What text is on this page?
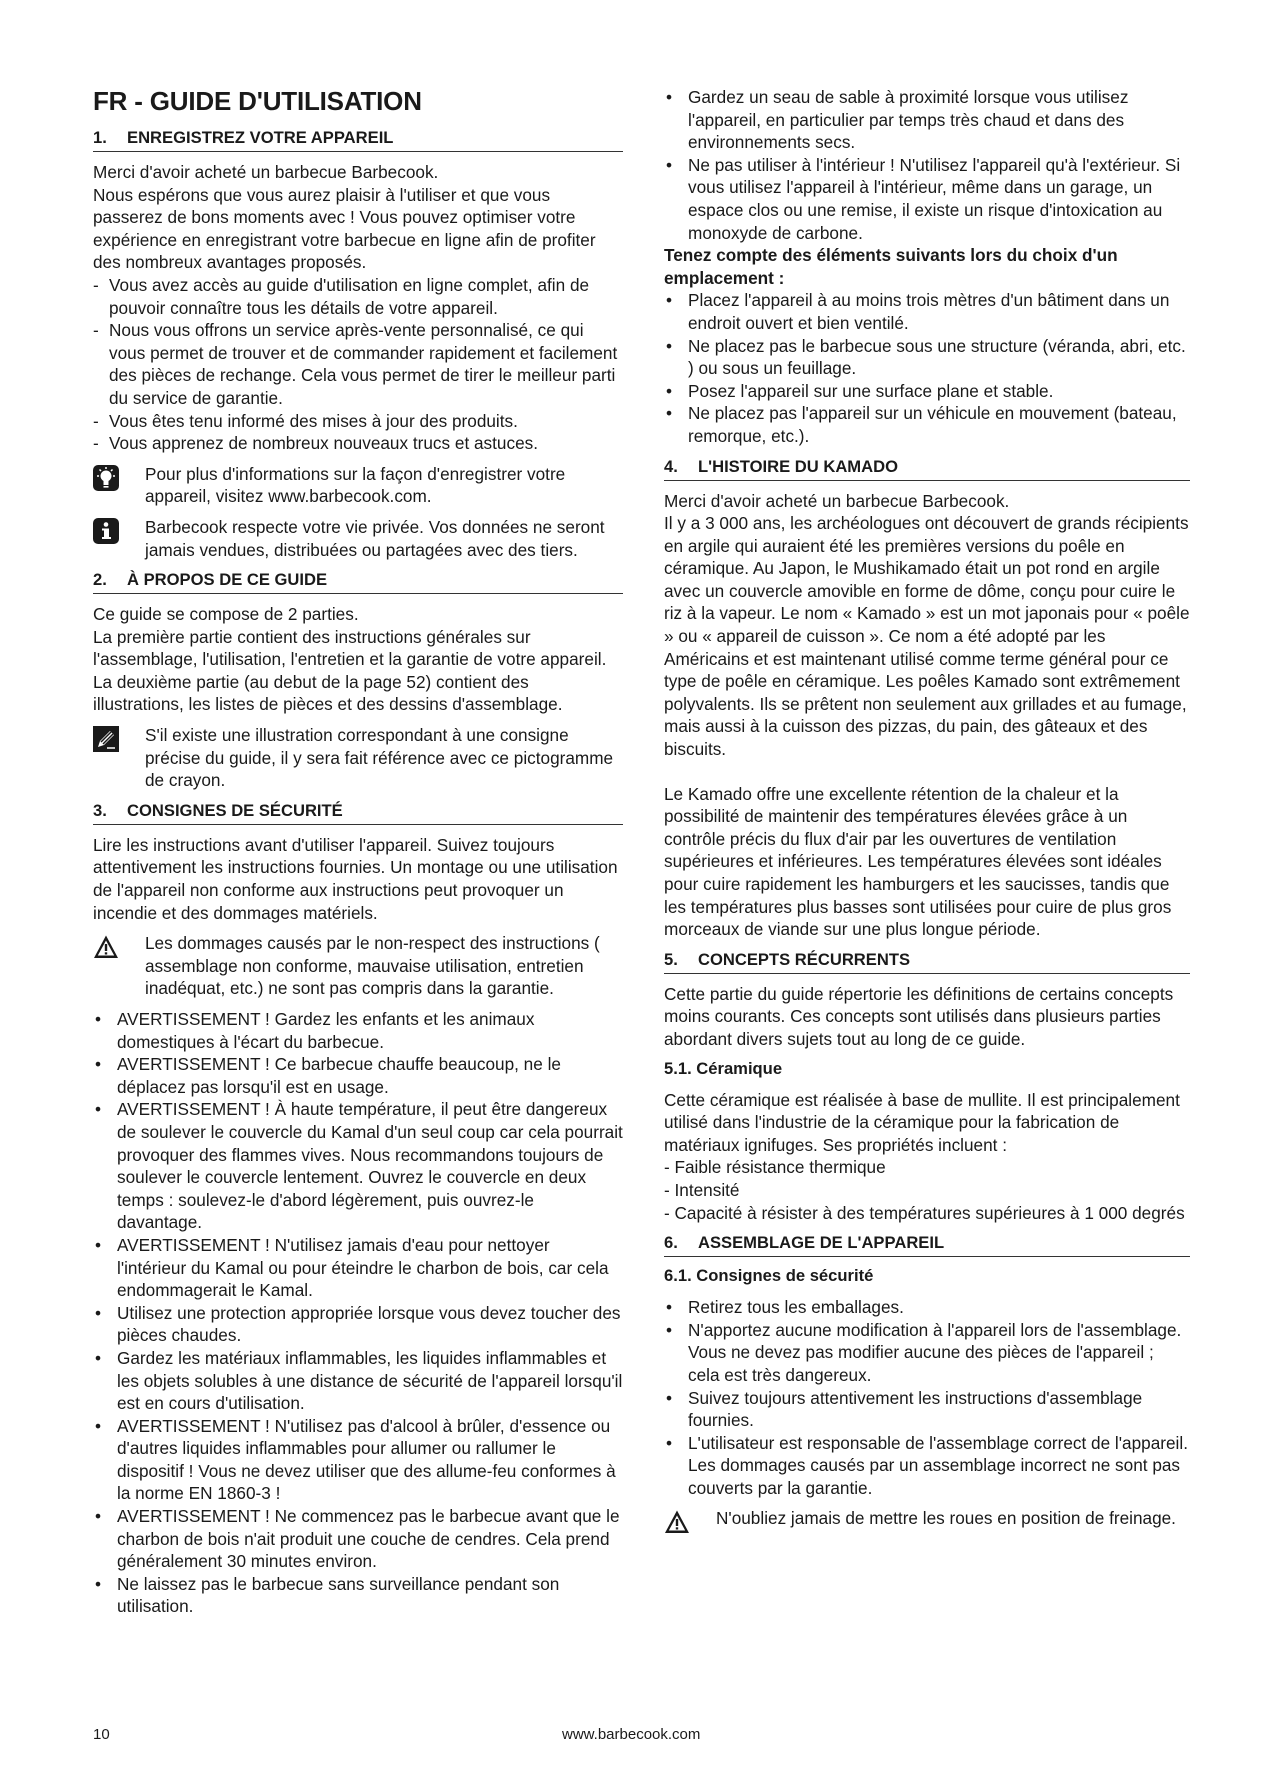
FR - GUIDE D'UTILISATION
1.	ENREGISTREZ VOTRE APPAREIL

Merci d'avoir acheté un barbecue Barbecook.

Nous espérons que vous aurez plaisir à l'utiliser et que vous passerez de bons moments avec ! Vous pouvez optimiser votre expérience en enregistrant votre barbecue en ligne afin de profiter des nombreux avantages proposés.

- Vous avez accès au guide d'utilisation en ligne complet, afin de pouvoir connaître tous les détails de votre appareil.
- Nous vous offrons un service après-vente personnalisé, ce qui vous permet de trouver et de commander rapidement et facilement des pièces de rechange. Cela vous permet de tirer le meilleur parti du service de garantie.
- Vous êtes tenu informé des mises à jour des produits.
- Vous apprenez de nombreux nouveaux trucs et astuces.
Pour plus d'informations sur la façon d'enregistrer votre appareil, visitez www.barbecook.com.
Barbecook respecte votre vie privée. Vos données ne seront jamais vendues, distribuées ou partagées avec des tiers.
2.	À PROPOS DE CE GUIDE

Ce guide se compose de 2 parties.

La première partie contient des instructions générales sur l'assemblage, l'utilisation, l'entretien et la garantie de votre appareil.

La deuxième partie (au debut de la page 52) contient des illustrations, les listes de pièces et des dessins d'assemblage.

S'il existe une illustration correspondant à une consigne précise du guide, il y sera fait référence avec ce pictogramme de crayon.
3.	CONSIGNES DE SÉCURITÉ

Lire les instructions avant d'utiliser l'appareil. Suivez toujours attentivement les instructions fournies. Un montage ou une utilisation de l'appareil non conforme aux instructions peut provoquer un incendie et des dommages matériels.

Les dommages causés par le non-respect des instructions ( assemblage non conforme, mauvaise utilisation, entretien inadéquat, etc.) ne sont pas compris dans la garantie.
• AVERTISSEMENT ! Gardez les enfants et les animaux domestiques à l'écart du barbecue.
• AVERTISSEMENT ! Ce barbecue chauffe beaucoup, ne le déplacez pas lorsqu'il est en usage.
• AVERTISSEMENT ! À haute température, il peut être dangereux de soulever le couvercle du Kamal d'un seul coup car cela pourrait provoquer des flammes vives. Nous recommandons toujours de soulever le couvercle lentement. Ouvrez le couvercle en deux temps : soulevez-le d'abord légèrement, puis ouvrez-le davantage.
• AVERTISSEMENT ! N'utilisez jamais d'eau pour nettoyer l'intérieur du Kamal ou pour éteindre le charbon de bois, car cela endommagerait le Kamal.
• Utilisez une protection appropriée lorsque vous devez toucher des pièces chaudes.
• Gardez les matériaux inflammables, les liquides inflammables et les objets solubles à une distance de sécurité de l'appareil lorsqu'il est en cours d'utilisation.
• AVERTISSEMENT ! N'utilisez pas d'alcool à brûler, d'essence ou d'autres liquides inflammables pour allumer ou rallumer le dispositif ! Vous ne devez utiliser que des allume-feu conformes à la norme EN 1860-3 !
• AVERTISSEMENT ! Ne commencez pas le barbecue avant que le charbon de bois n'ait produit une couche de cendres. Cela prend généralement 30 minutes environ.
• Ne laissez pas le barbecue sans surveillance pendant son utilisation.
• Gardez un seau de sable à proximité lorsque vous utilisez l'appareil, en particulier par temps très chaud et dans des environnements secs.
• Ne pas utiliser à l'intérieur ! N'utilisez l'appareil qu'à l'extérieur. Si vous utilisez l'appareil à l'intérieur, même dans un garage, un espace clos ou une remise, il existe un risque d'intoxication au monoxyde de carbone.

Tenez compte des éléments suivants lors du choix d'un emplacement :

• Placez l'appareil à au moins trois mètres d'un bâtiment dans un endroit ouvert et bien ventilé.
• Ne placez pas le barbecue sous une structure (véranda, abri, etc. ) ou sous un feuillage.
• Posez l'appareil sur une surface plane et stable.
• Ne placez pas l'appareil sur un véhicule en mouvement (bateau, remorque, etc.).
4.	L'HISTOIRE DU KAMADO

Merci d'avoir acheté un barbecue Barbecook.

Il y a 3 000 ans, les archéologues ont découvert de grands récipients en argile qui auraient été les premières versions du poêle en céramique. Au Japon, le Mushikamado était un pot rond en argile avec un couvercle amovible en forme de dôme, conçu pour cuire le riz à la vapeur. Le nom « Kamado » est un mot japonais pour « poêle » ou « appareil de cuisson ». Ce nom a été adopté par les Américains et est maintenant utilisé comme terme général pour ce type de poêle en céramique. Les poêles Kamado sont extrêmement polyvalents. Ils se prêtent non seulement aux grillades et au fumage, mais aussi à la cuisson des pizzas, du pain, des gâteaux et des biscuits.

Le Kamado offre une excellente rétention de la chaleur et la possibilité de maintenir des températures élevées grâce à un contrôle précis du flux d'air par les ouvertures de ventilation supérieures et inférieures. Les températures élevées sont idéales pour cuire rapidement les hamburgers et les saucisses, tandis que les températures plus basses sont utilisées pour cuire de plus gros morceaux de viande sur une plus longue période.

5.	CONCEPTS RÉCURRENTS

Cette partie du guide répertorie les définitions de certains concepts moins courants. Ces concepts sont utilisés dans plusieurs parties abordant divers sujets tout au long de ce guide.

5.1. Céramique

Cette céramique est réalisée à base de mullite. Il est principalement utilisé dans l'industrie de la céramique pour la fabrication de matériaux ignifuges. Ses propriétés incluent :

- Faible résistance thermique

- Intensité

- Capacité à résister à des températures supérieures à 1 000 degrés

6.	ASSEMBLAGE DE L'APPAREIL
6.1. Consignes de sécurité
• Retirez tous les emballages.
• N'apportez aucune modification à l'appareil lors de l'assemblage. Vous ne devez pas modifier aucune des pièces de l'appareil ; cela est très dangereux.
• Suivez toujours attentivement les instructions d'assemblage fournies.
• L'utilisateur est responsable de l'assemblage correct de l'appareil. Les dommages causés par un assemblage incorrect ne sont pas couverts par la garantie.
N'oubliez jamais de mettre les roues en position de freinage.
10	www.barbecook.com
